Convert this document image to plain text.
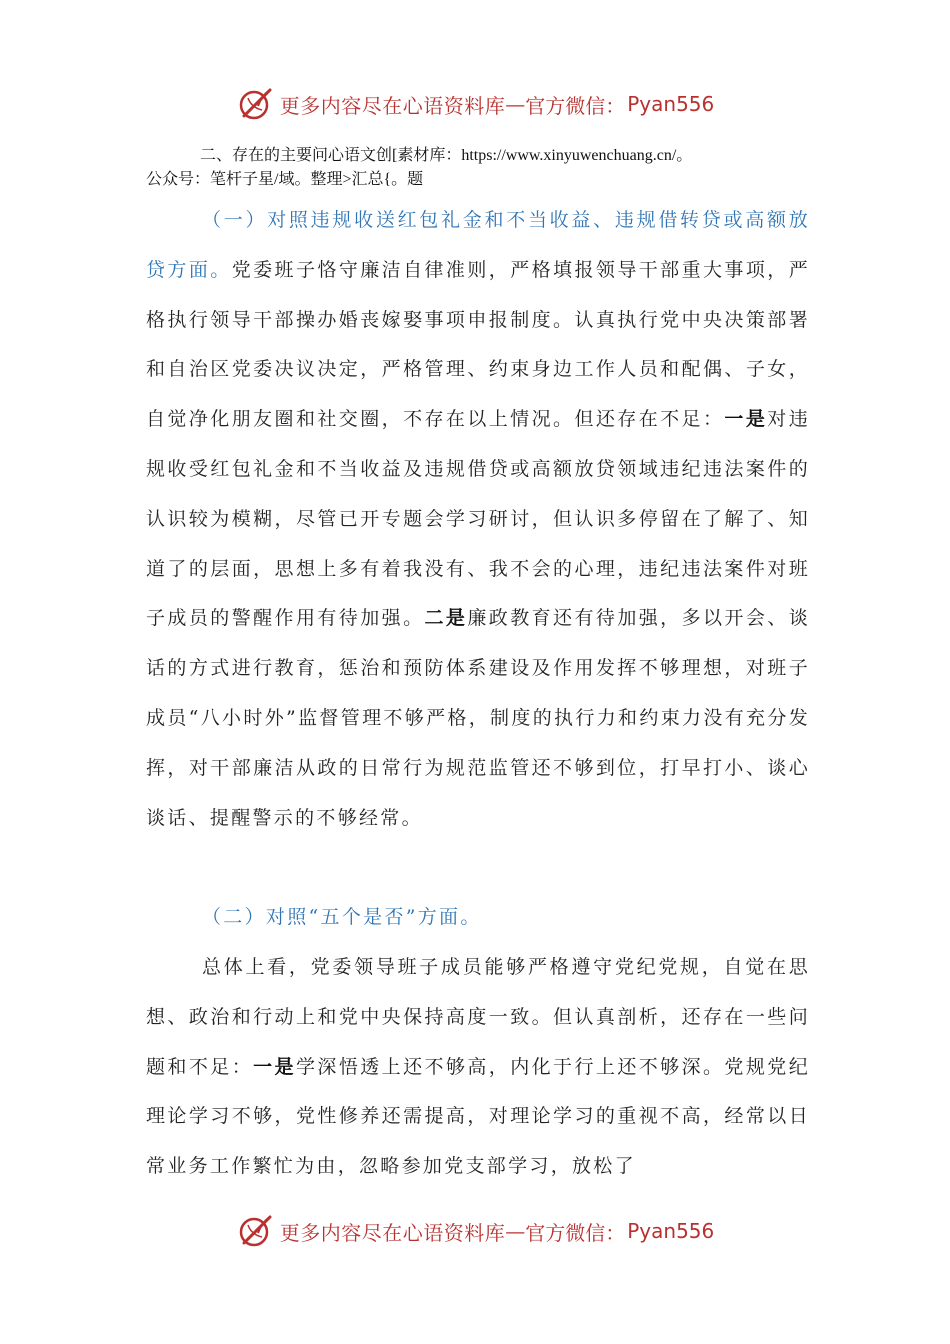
更多内容尽在心语资料库 — 官方微信： Pyan556
二、存在的主要问心语文创[素材库：https://www.xinyuwenchuang.cn/。
公众号：笔杆子星/域。整理>汇总{。题

（一）对照违规收送红包礼金和不当收益、违规借转贷或高额放贷方面。党委班子恪守廉洁自律准则，严格填报领导干部重大事项，严格执行领导干部操办婚丧嫁娶事项申报制度。认真执行党中央决策部署和自治区党委决议决定，严格管理、约束身边工作人员和配偶、子女，自觉净化朋友圈和社交圈，不存在以上情况。但还存在不足：一是对违规收受红包礼金和不当收益及违规借贷或高额放贷领域违纪违法案件的认识较为模糊，尽管已开专题会学习研讨，但认识多停留在了解了、知道了的层面，思想上多有着我没有、我不会的心理，违纪违法案件对班子成员的警醒作用有待加强。二是廉政教育还有待加强，多以开会、谈话的方式进行教育，惩治和预防体系建设及作用发挥不够理想，对班子成员“八小时外”监督管理不够严格，制度的执行力和约束力没有充分发挥，对干部廉洁从政的日常行为规范监管还不够到位，打早打小、谈心谈话、提醒警示的不够经常。

（二）对照“五个是否”方面。

总体上看，党委领导班子成员能够严格遵守党纪党规，自觉在思想、政治和行动上和党中央保持高度一致。但认真剖析，还存在一些问题和不足：一是学深悟透上还不够高，内化于行上还不够深。党规党纪理论学习不够，党性修养还需提高，对理论学习的重视不高，经常以日常业务工作繁忙为由，忽略参加党支部学习，放松了

更多内容尽在心语资料库 — 官方微信： Pyan556
